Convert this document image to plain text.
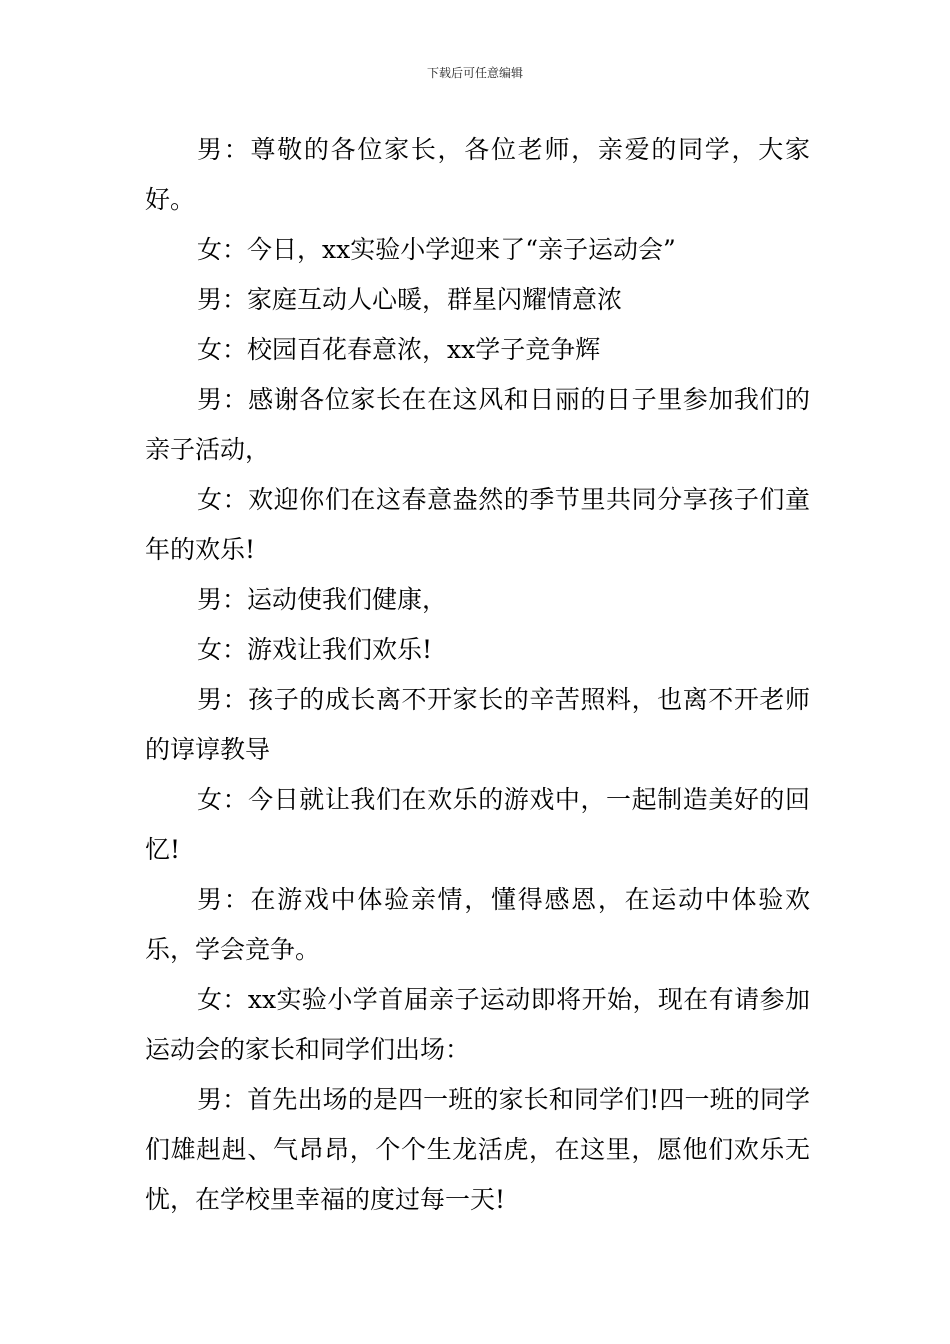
下载后可任意编辑

男：尊敬的各位家长，各位老师，亲爱的同学，大家好。

女：今日，xx实验小学迎来了“亲子运动会”

男：家庭互动人心暖，群星闪耀情意浓

女：校园百花春意浓，xx学子竞争辉

男：感谢各位家长在在这风和日丽的日子里参加我们的亲子活动，

女：欢迎你们在这春意盎然的季节里共同分享孩子们童年的欢乐!

男：运动使我们健康，

女：游戏让我们欢乐!

男：孩子的成长离不开家长的辛苦照料，也离不开老师的谆谆教导

女：今日就让我们在欢乐的游戏中，一起制造美好的回忆!

男：在游戏中体验亲情，懂得感恩，在运动中体验欢乐，学会竞争。

女：xx实验小学首届亲子运动即将开始，现在有请参加运动会的家长和同学们出场：

男：首先出场的是四一班的家长和同学们!四一班的同学们雄赳赳、气昂昂，个个生龙活虎，在这里，愿他们欢乐无忧，在学校里幸福的度过每一天!
